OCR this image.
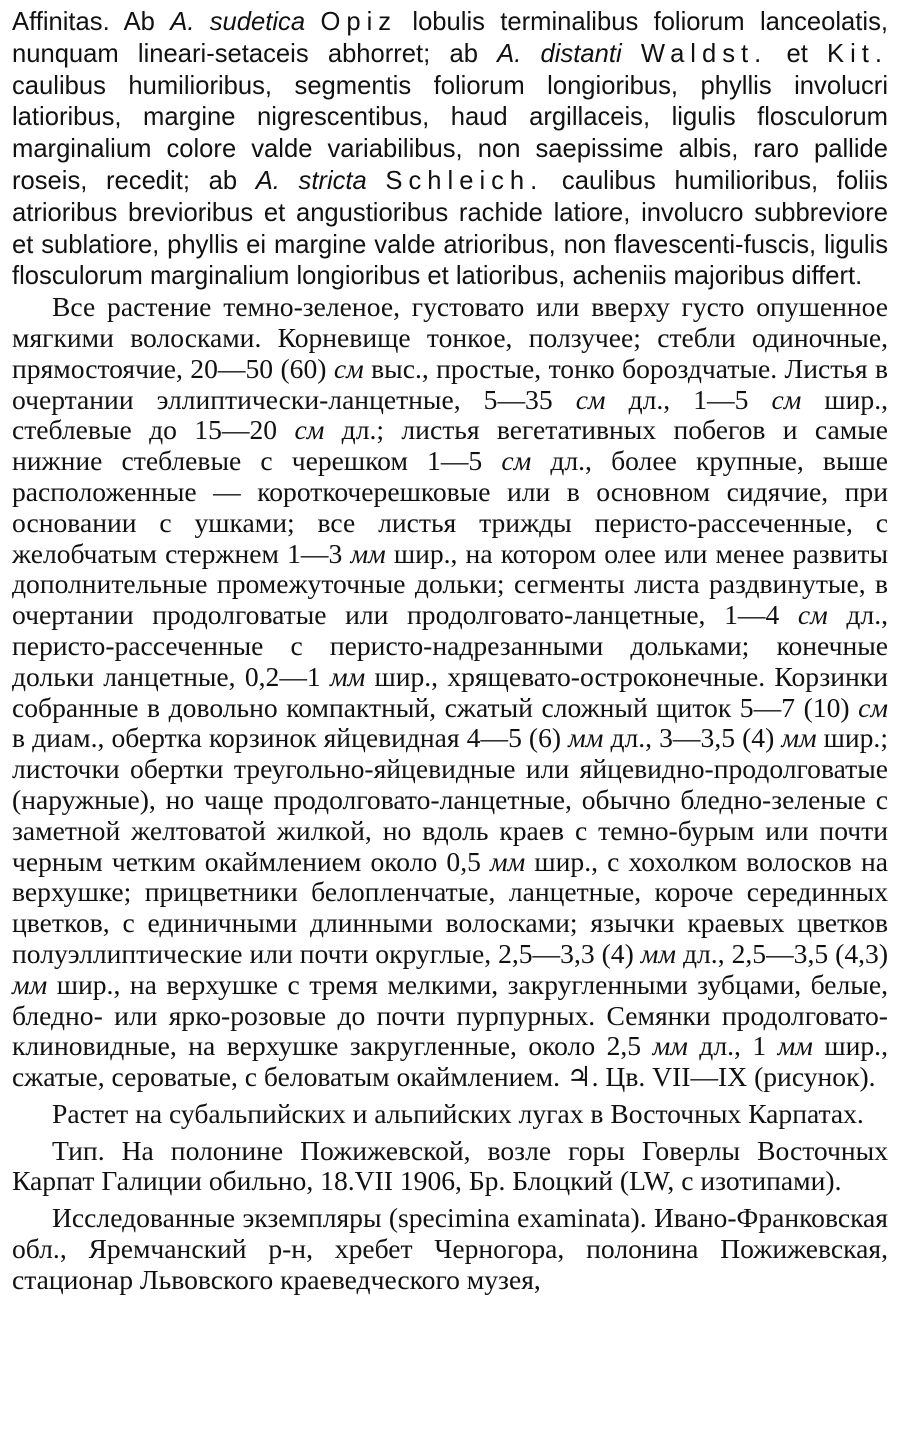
Affinitas. Ab A. sudetica Opiz lobulis terminalibus foliorum lanceolatis, nunquam lineari-setaceis abhorret; ab A. distanti Waldst. et Kit. caulibus humilioribus, segmentis foliorum longioribus, phyllis involucri latioribus, margine nigrescentibus, haud argillaceis, ligulis flosculorum marginalium colore valde variabilibus, non saepissime albis, raro pallide roseis, recedit; ab A. stricta Schleich. caulibus humilioribus, foliis atrioribus brevioribus et angustioribus rachide latiore, involucro subbreviore et sublatiore, phyllis ei margine valde atrioribus, non flavescenti-fuscis, ligulis flosculorum marginalium longioribus et latioribus, acheniis majoribus differt.

Все растение темно-зеленое, густовато или вверху густо опушенное мягкими волосками. Корневище тонкое, ползучее; стебли одиночные, прямостоячие, 20—50 (60) см выс., простые, тонко бороздчатые. Листья в очертании эллиптически-ланцетные, 5—35 см дл., 1—5 см шир., стеблевые до 15—20 см дл.; листья вегетативных побегов и самые нижние стеблевые с черешком 1—5 см дл., более крупные, выше расположенные — короткочерешковые или в основном сидячие, при основании с ушками; все листья трижды перисто-рассеченные, с желобчатым стержнем 1—3 мм шир., на котором олее или менее развиты дополнительные промежуточные дольки; сегменты листа раздвинутые, в очертании продолговатые или продолговато-ланцетные, 1—4 см дл., перисто-рассеченные с перисто-надрезанными дольками; конечные дольки ланцетные, 0,2—1 мм шир., хрящевато-остроконечные. Корзинки собранные в довольно компактный, сжатый сложный щиток 5—7 (10) см в диам., обертка корзинок яйцевидная 4—5 (6) мм дл., 3—3,5 (4) мм шир.; листочки обертки треугольно-яйцевидные или яйцевидно-продолговатые (наружные), но чаще продолговато-ланцетные, обычно бледно-зеленые с заметной желтоватой жилкой, но вдоль краев с темно-бурым или почти черным четким окаймлением около 0,5 мм шир., с хохолком волосков на верхушке; прицветники белопленчатые, ланцетные, короче серединных цветков, с единичными длинными волосками; язычки краевых цветков полуэллиптические или почти округлые, 2,5—3,3 (4) мм дл., 2,5—3,5 (4,3) мм шир., на верхушке с тремя мелкими, закругленными зубцами, белые, бледно- или ярко-розовые до почти пурпурных. Семянки продолговато-клиновидные, на верхушке закругленные, около 2,5 мм дл., 1 мм шир., сжатые, сероватые, с беловатым окаймлением. ♃. Цв. VII—IX (рисунок).

Растет на субальпийских и альпийских лугах в Восточных Карпатах.

Тип. На полонине Пожижевской, возле горы Говерлы Восточных Карпат Галиции обильно, 18.VII 1906, Бр. Блоцкий (LW, с изотипами).

Исследованные экземпляры (specimina examinata). Ивано-Франковская обл., Яремчанский р-н, хребет Черногора, полонина Пожижевская, стационар Львовского краеведческого музея,
